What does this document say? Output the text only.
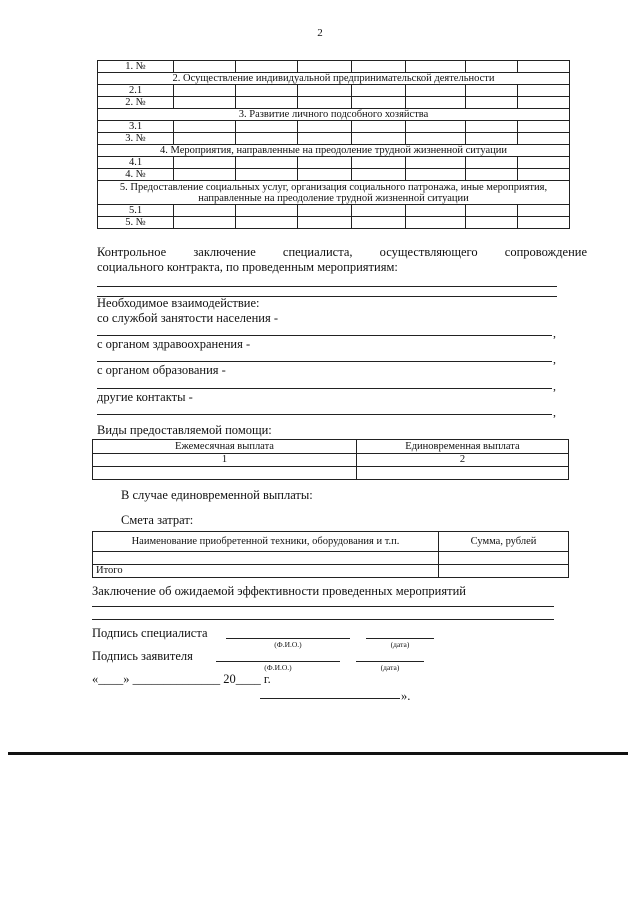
2
1. №							
2. Осуществление индивидуальной предпринимательской деятельности							
2.1							
2. №							
3. Развитие личного подсобного хозяйства							
3.1							
3. №							
4. Мероприятия, направленные на преодоление трудной жизненной ситуации							
4.1							
4. №							
5. Предоставление социальных услуг, организация социального патронажа, иные мероприятия, направленные на преодоление трудной жизненной ситуации							
5.1							
5. №							
Контрольное заключение специалиста, осуществляющего сопровождение
социального контракта, по проведенным мероприятиям:
Необходимое взаимодействие:
со службой занятости населения -
,
с органом здравоохранения -
,
с органом образования -
,
другие контакты -
,
Виды предоставляемой помощи:
Ежемесячная выплата	Единовременная выплата
1	2

В случае единовременной выплаты:
Смета затрат:
Наименование приобретенной техники, оборудования и т.п.	Сумма, рублей

Итого	
Заключение об ожидаемой эффективности проведенных мероприятий
Подпись специалиста
(Ф.И.О.)	(дата)
Подпись заявителя
(Ф.И.О.)	(дата)
«____» ______________ 20____ г.
».
